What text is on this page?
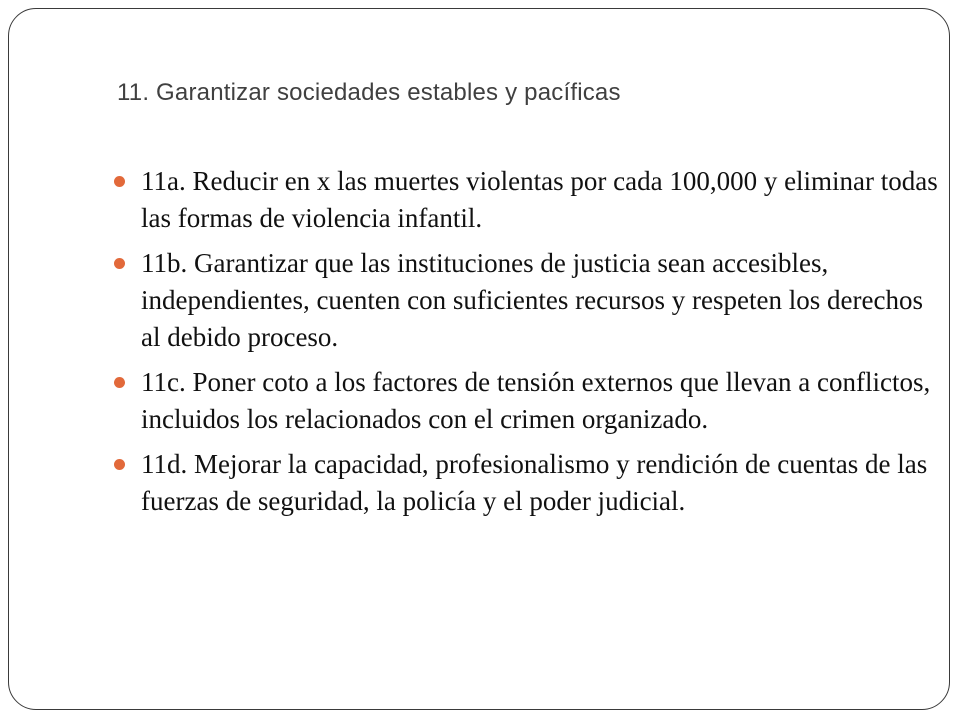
11. Garantizar sociedades estables y pacíficas
11a. Reducir en x las muertes violentas por cada 100,000 y eliminar todas las formas de violencia infantil.
11b. Garantizar que las instituciones de justicia sean accesibles, independientes, cuenten con suficientes recursos y respeten los derechos al debido proceso.
11c. Poner coto a los factores de tensión externos que llevan a conflictos, incluidos los relacionados con el crimen organizado.
11d. Mejorar la capacidad, profesionalismo y rendición de cuentas de las fuerzas de seguridad, la policía y el poder judicial.
